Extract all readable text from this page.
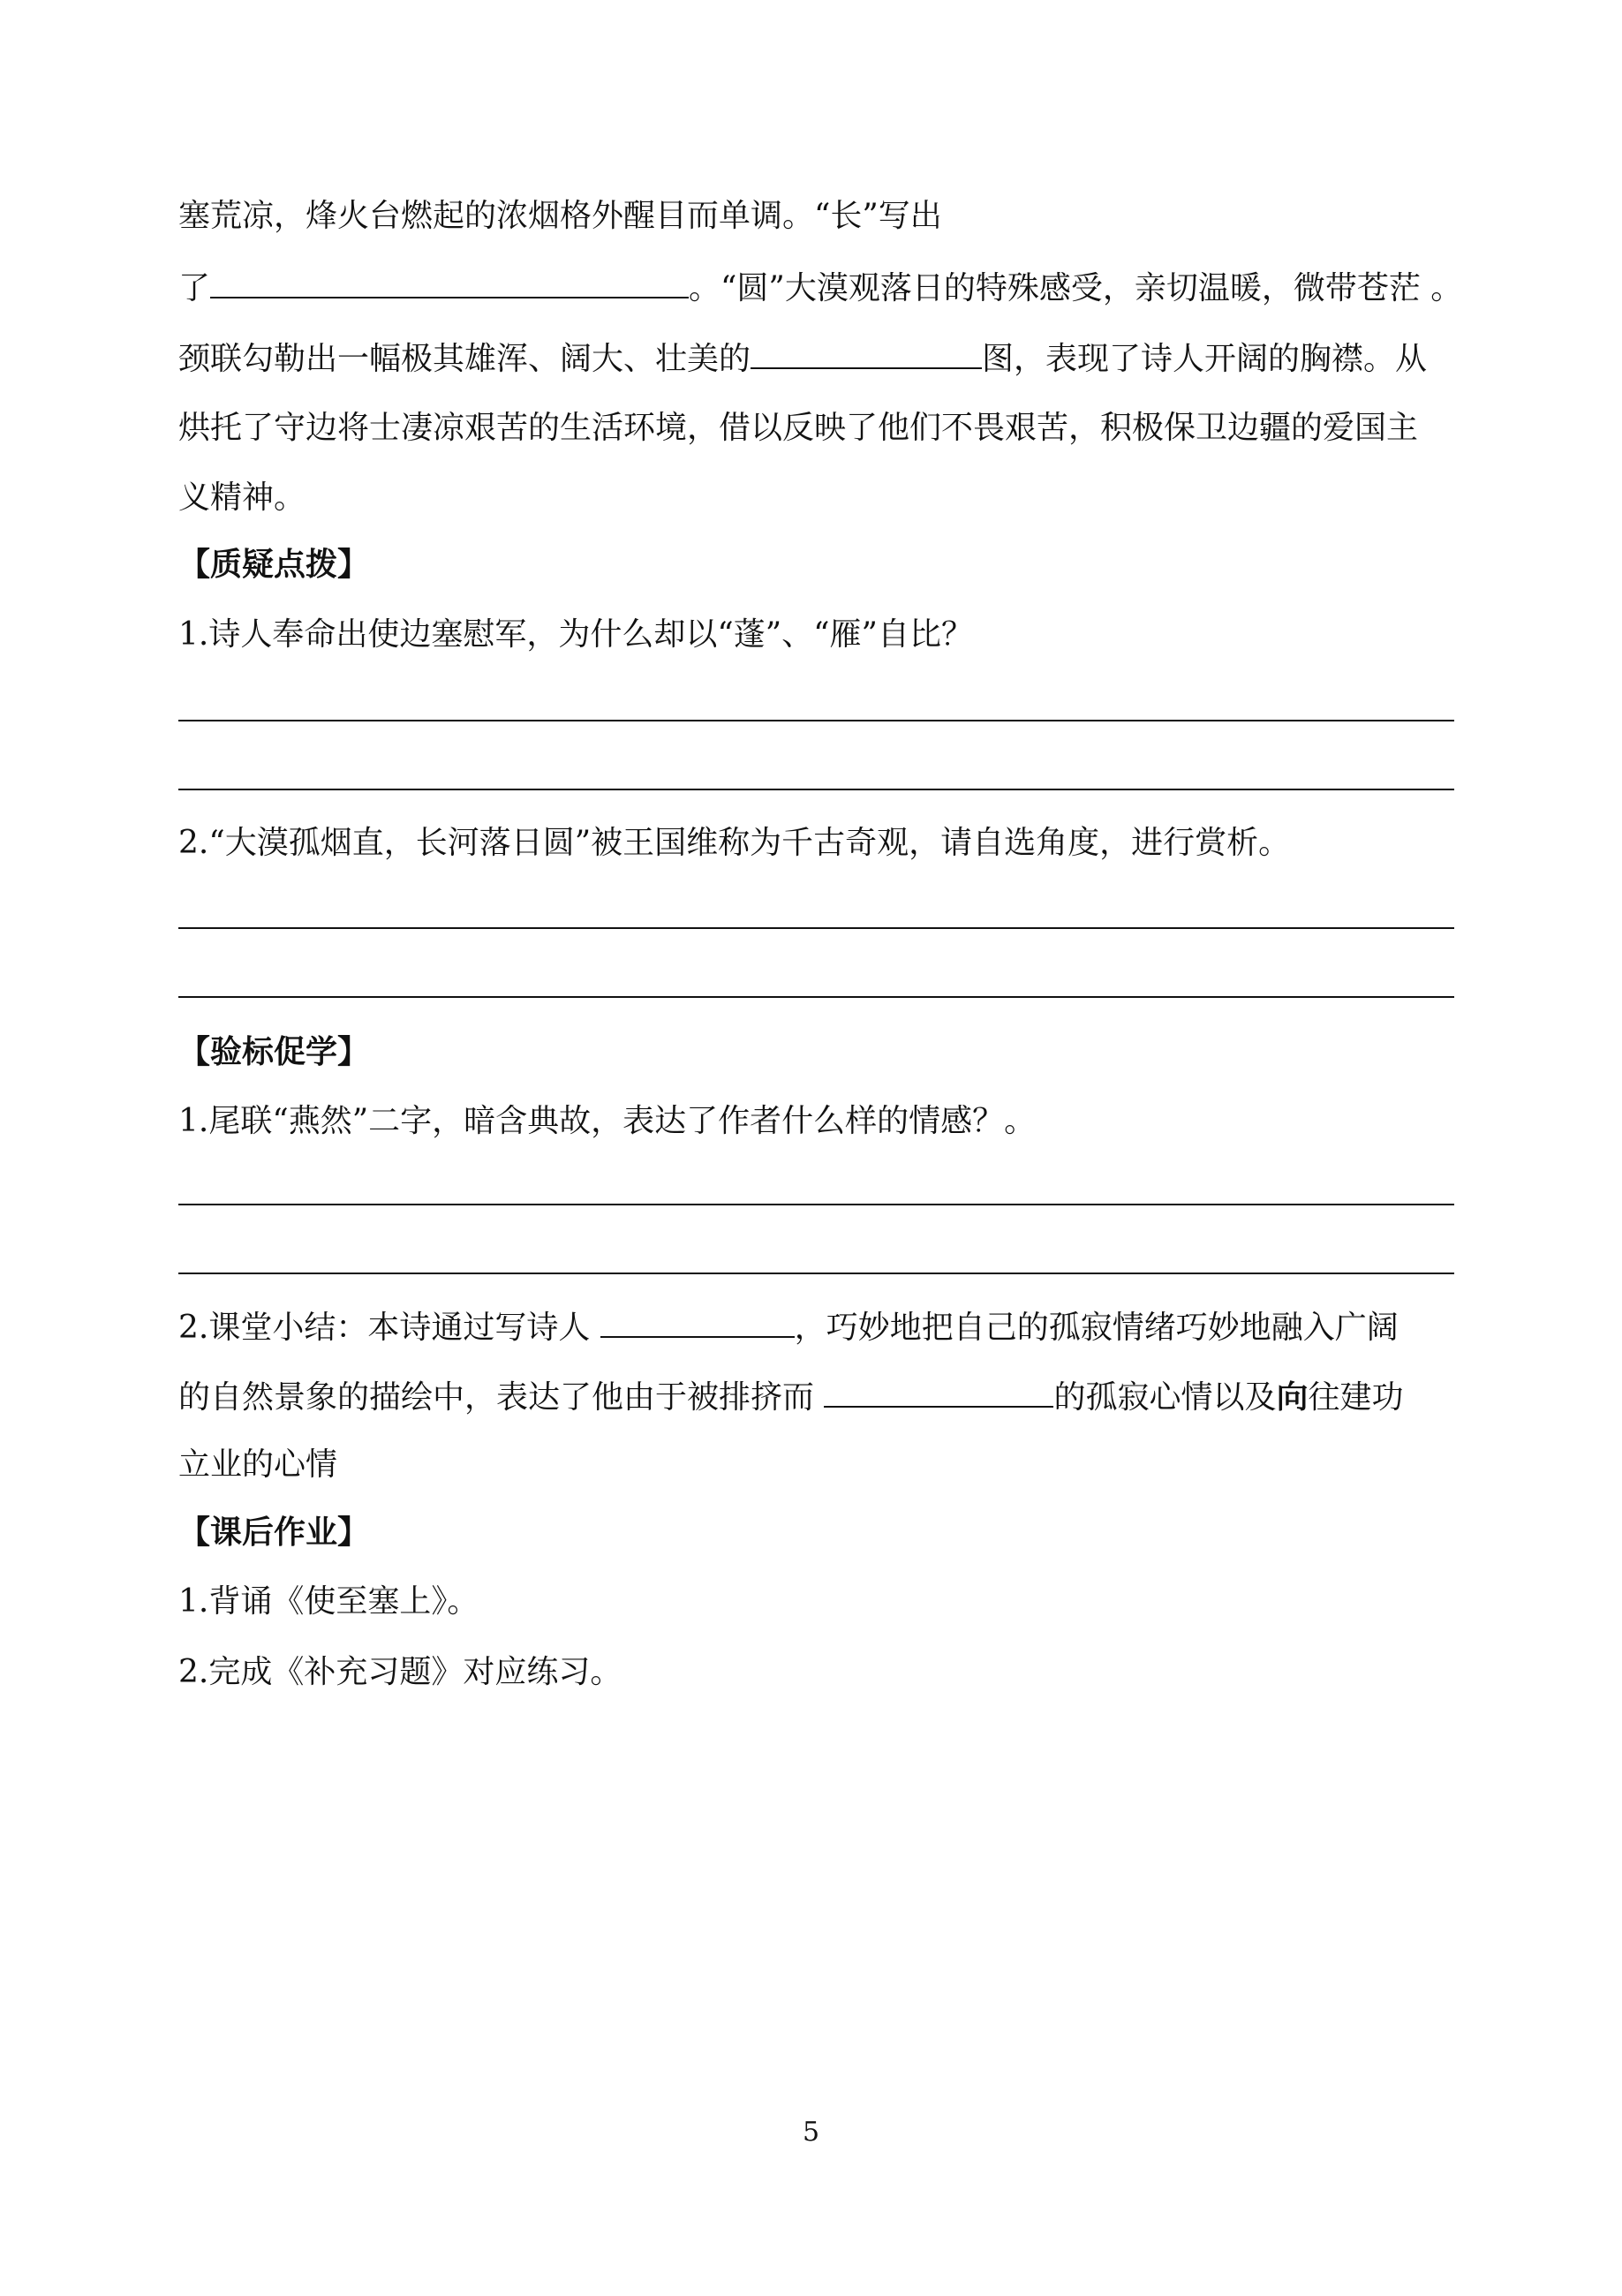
塞荒凉，烽火台燃起的浓烟格外醒目而单调。“长”写出
了	。“圆”大漠观落日的特殊感受，亲切温暖，微带苍茫 。
颈联勾勒出一幅极其雄浑、阔大、壮美的	图，表现了诗人开阔的胸襟。从
烘托了守边将士凄凉艰苦的生活环境，借以反映了他们不畏艰苦，积极保卫边疆的爱国主
义精神。
【质疑点拨】
1.诗人奉命出使边塞慰军，为什么却以“蓬”、“雁”自比？
2.“大漠孤烟直，长河落日圆”被王国维称为千古奇观，请自选角度，进行赏析。
【验标促学】
1.尾联“燕然”二字，暗含典故，表达了作者什么样的情感？。
2.课堂小结：本诗通过写诗人	，巧妙地把自己的孤寂情绪巧妙地融入广阔
的自然景象的描绘中，表达了他由于被排挤而	的孤寂心情以及向往建功
立业的心情
【课后作业】
1.背诵《使至塞上》。
2.完成《补充习题》对应练习。
5
